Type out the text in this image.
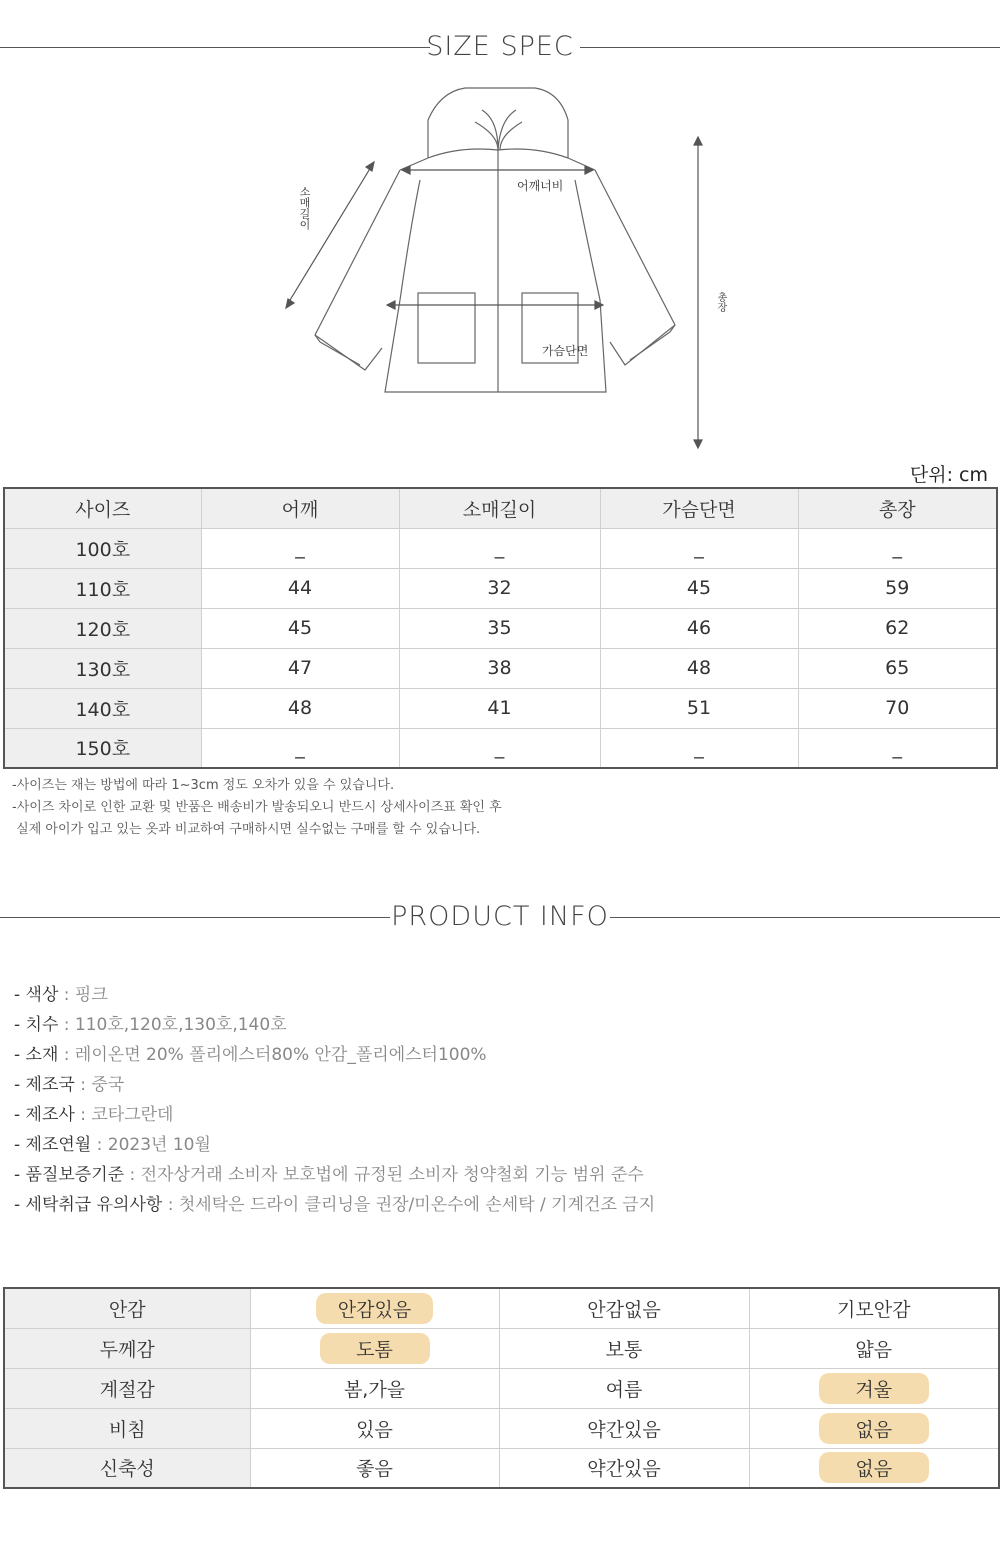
SIZE SPEC
어깨너비
가슴단면
소매길이
총장
단위: cm
사이즈	어깨	소매길이	가슴단면	총장
100호	_	_	_	_
110호	44	32	45	59
120호	45	35	46	62
130호	47	38	48	65
140호	48	41	51	70
150호	_	_	_	_
-사이즈는 재는 방법에 따라 1~3cm 정도 오차가 있을 수 있습니다.
-사이즈 차이로 인한 교환 및 반품은 배송비가 발송되오니 반드시 상세사이즈표 확인 후
실제 아이가 입고 있는 옷과 비교하여 구매하시면 실수없는 구매를 할 수 있습니다.
PRODUCT INFO
- 색상 : 핑크
- 치수 : 110호,120호,130호,140호
- 소재 : 레이온면 20% 폴리에스터80% 안감_폴리에스터100%
- 제조국 : 중국
- 제조사 : 코타그란데
- 제조연월 : 2023년 10월
- 품질보증기준 : 전자상거래 소비자 보호법에 규정된 소비자 청약철회 기능 범위 준수
- 세탁취급 유의사항 : 첫세탁은 드라이 클리닝을 권장/미온수에 손세탁 / 기계건조 금지
안감	안감있음	안감없음	기모안감
두께감	도톰	보통	얇음
계절감	봄,가을	여름	겨울
비침	있음	약간있음	없음
신축성	좋음	약간있음	없음
